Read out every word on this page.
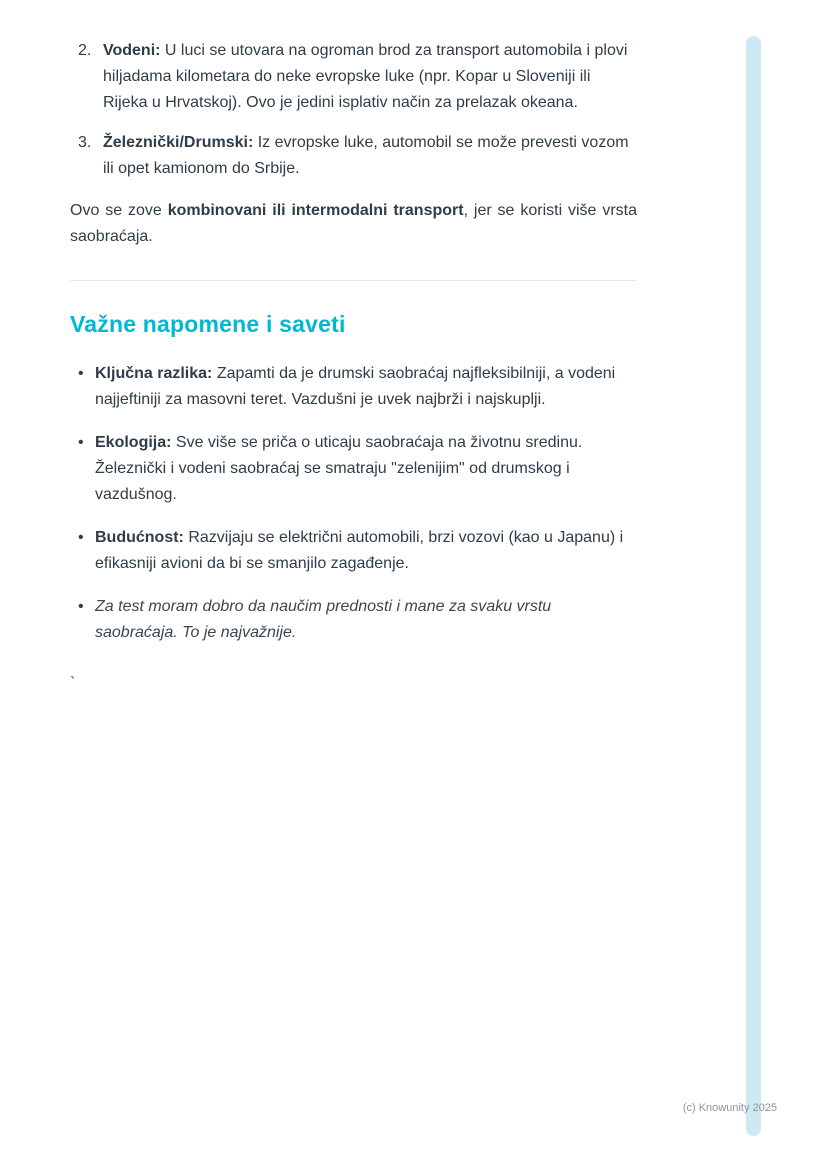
2. Vodeni: U luci se utovara na ogroman brod za transport automobila i plovi hiljadama kilometara do neke evropske luke (npr. Kopar u Sloveniji ili Rijeka u Hrvatskoj). Ovo je jedini isplativ način za prelazak okeana.
3. Železnički/Drumski: Iz evropske luke, automobil se može prevesti vozom ili opet kamionom do Srbije.

Ovo se zove kombinovani ili intermodalni transport, jer se koristi više vrsta saobraćaja.

Važne napomene i saveti
• Ključna razlika: Zapamti da je drumski saobraćaj najfleksibilniji, a vodeni najjeftiniji za masovni teret. Vazdušni je uvek najbrži i najskuplji.
• Ekologija: Sve više se priča o uticaju saobraćaja na životnu sredinu. Železnički i vodeni saobraćaj se smatraju "zelenijim" od drumskog i vazdušnog.
• Budućnost: Razvijaju se električni automobili, brzi vozovi (kao u Japanu) i efikasniji avioni da bi se smanjilo zagađenje.
• Za test moram dobro da naučim prednosti i mane za svaku vrstu saobraćaja. To je najvažnije.
`
(c) Knowunity 2025
